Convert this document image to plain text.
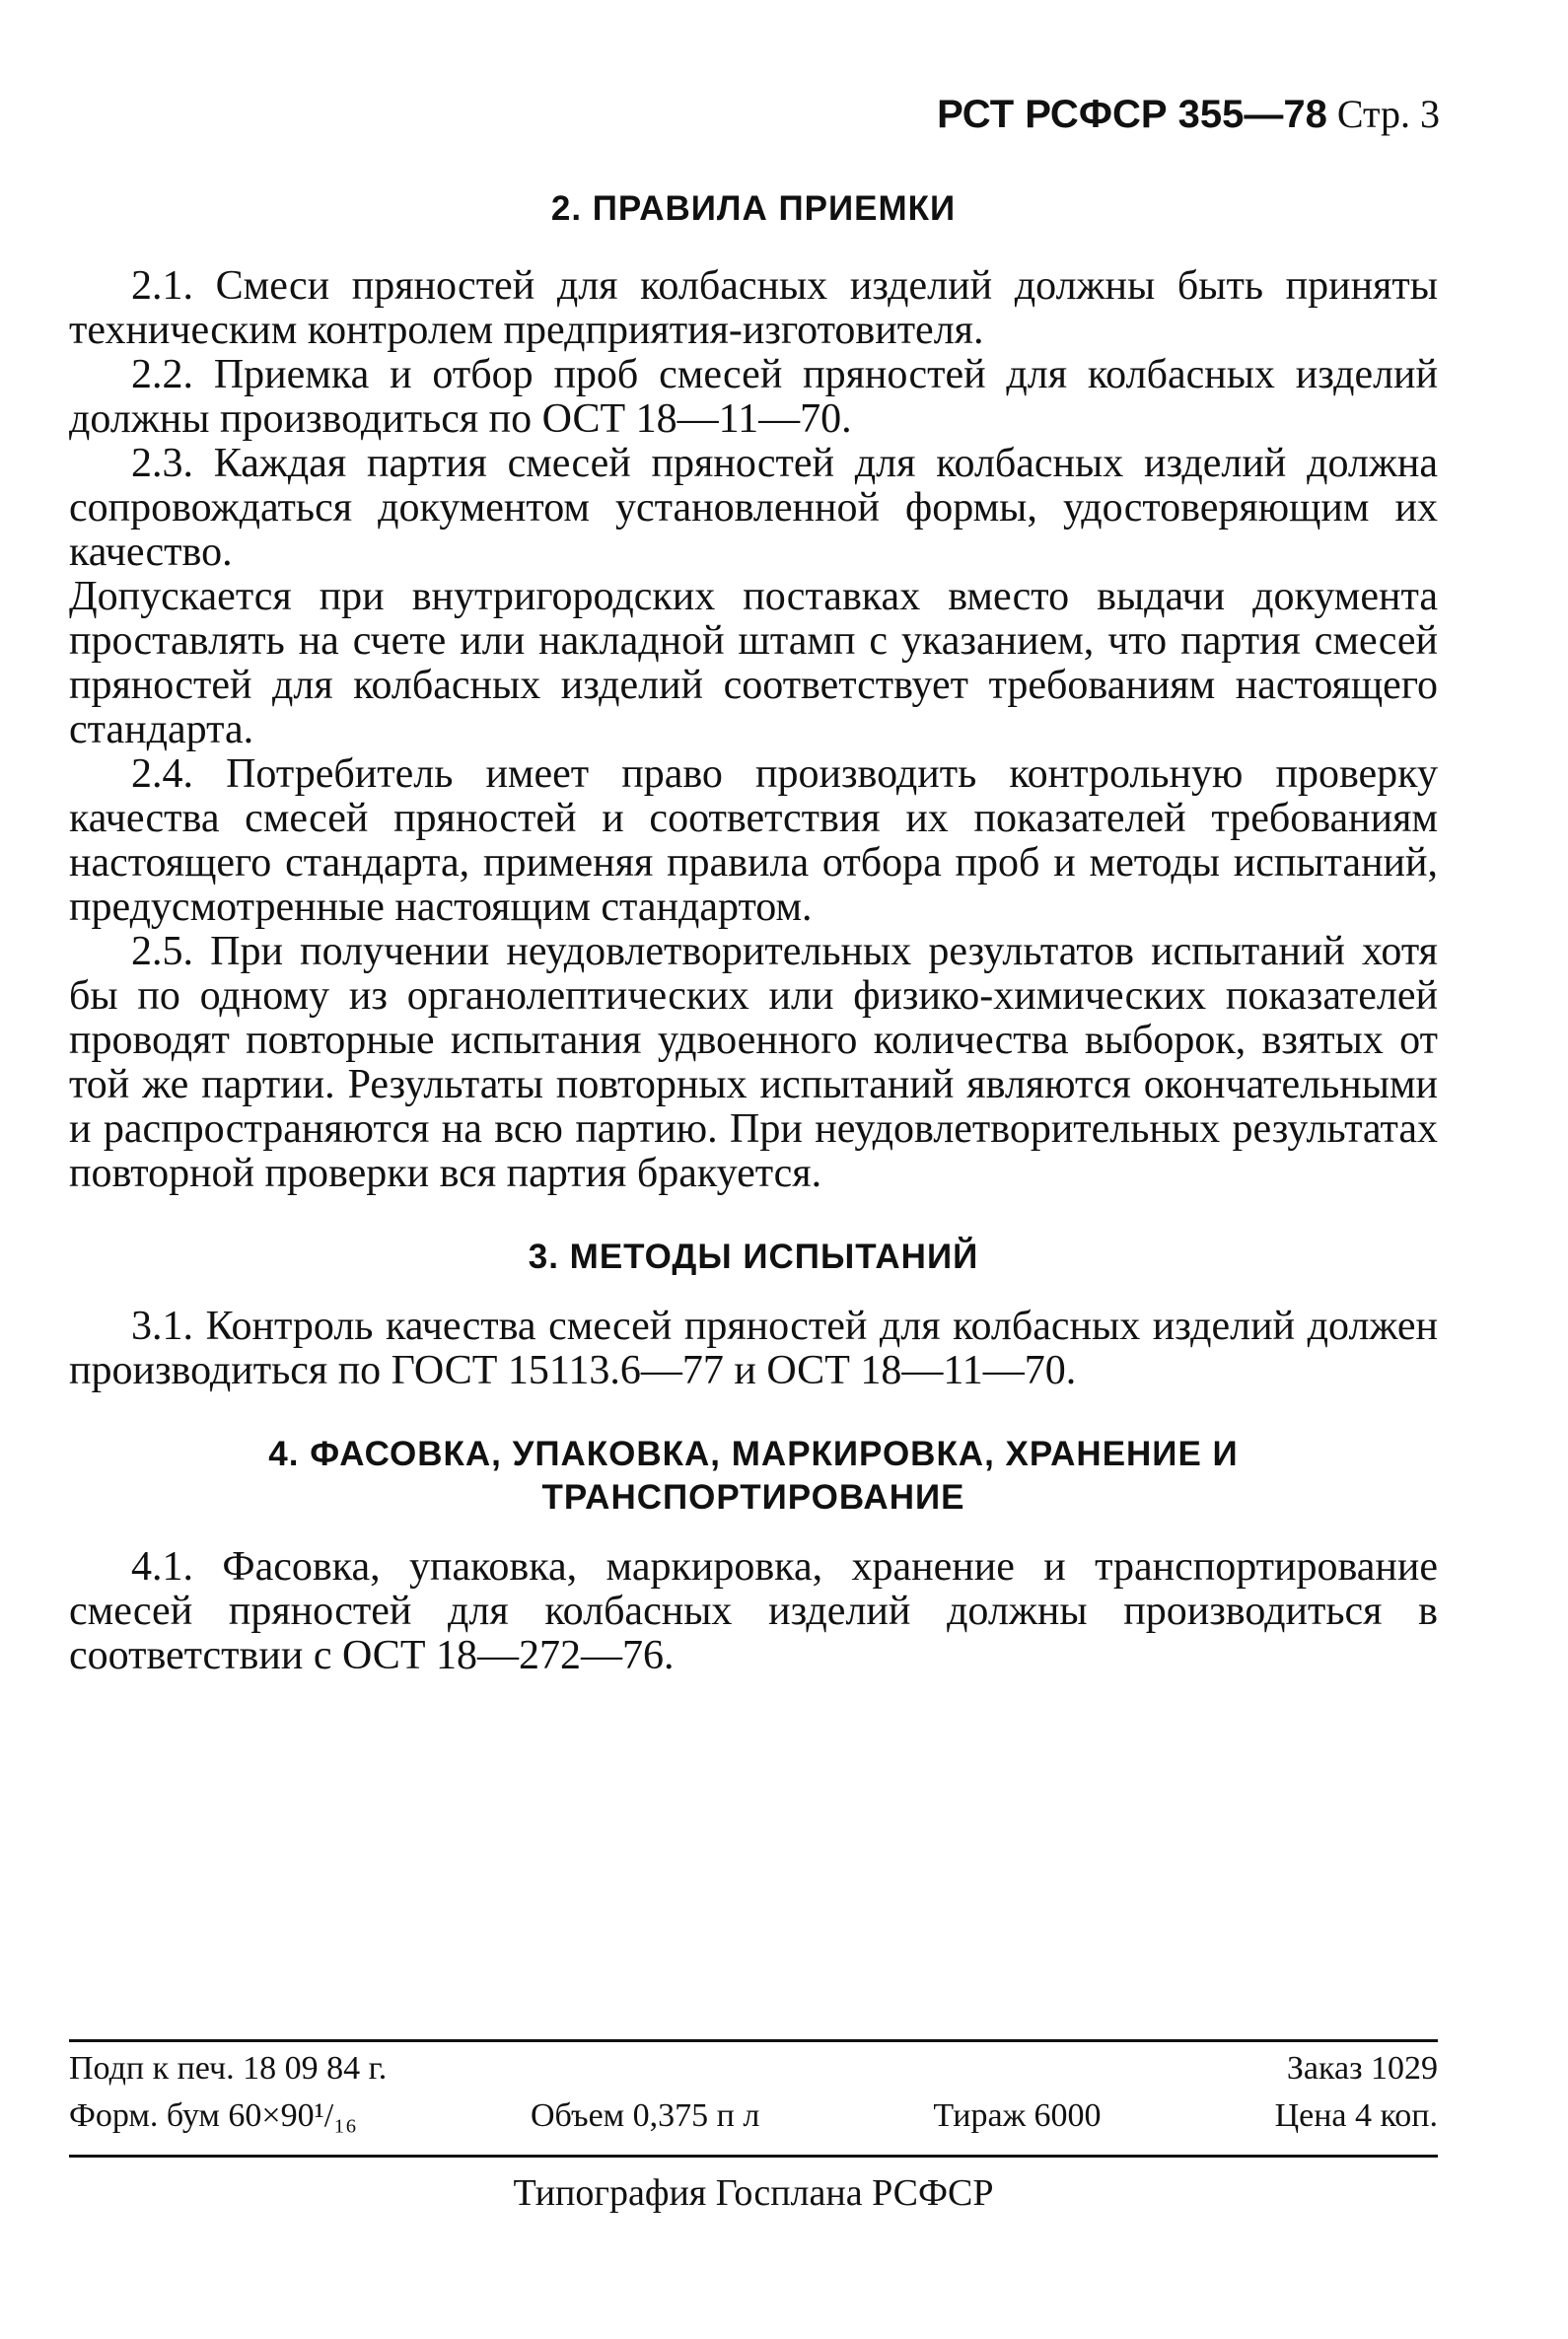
РСТ РСФСР 355—78 Стр. 3
2. ПРАВИЛА ПРИЕМКИ

2.1. Смеси пряностей для колбасных изделий должны быть приняты техническим контролем предприятия-изготовителя.

2.2. Приемка и отбор проб смесей пряностей для колбасных изделий должны производиться по ОСТ 18—11—70.

2.3. Каждая партия смесей пряностей для колбасных изделий должна сопровождаться документом установленной формы, удостоверяющим их качество.

Допускается при внутригородских поставках вместо выдачи документа проставлять на счете или накладной штамп с указанием, что партия смесей пряностей для колбасных изделий соответствует требованиям настоящего стандарта.

2.4. Потребитель имеет право производить контрольную проверку качества смесей пряностей и соответствия их показателей требованиям настоящего стандарта, применяя правила отбора проб и методы испытаний, предусмотренные настоящим стандартом.

2.5. При получении неудовлетворительных результатов испытаний хотя бы по одному из органолептических или физико-химических показателей проводят повторные испытания удвоенного количества выборок, взятых от той же партии. Результаты повторных испытаний являются окончательными и распространяются на всю партию. При неудовлетворительных результатах повторной проверки вся партия бракуется.

3. МЕТОДЫ ИСПЫТАНИЙ

3.1. Контроль качества смесей пряностей для колбасных изделий должен производиться по ГОСТ 15113.6—77 и ОСТ 18—11—70.

4. ФАСОВКА, УПАКОВКА, МАРКИРОВКА, ХРАНЕНИЕ И
ТРАНСПОРТИРОВАНИЕ

4.1. Фасовка, упаковка, маркировка, хранение и транспортирование смесей пряностей для колбасных изделий должны производиться в соответствии с ОСТ 18—272—76.

Подп к печ. 18 09 84 г.	Заказ 1029
Форм. бум 60×90¹/₁₆	Объем 0,375 п л	Тираж 6000	Цена 4 коп.
Типография Госплана РСФСР
